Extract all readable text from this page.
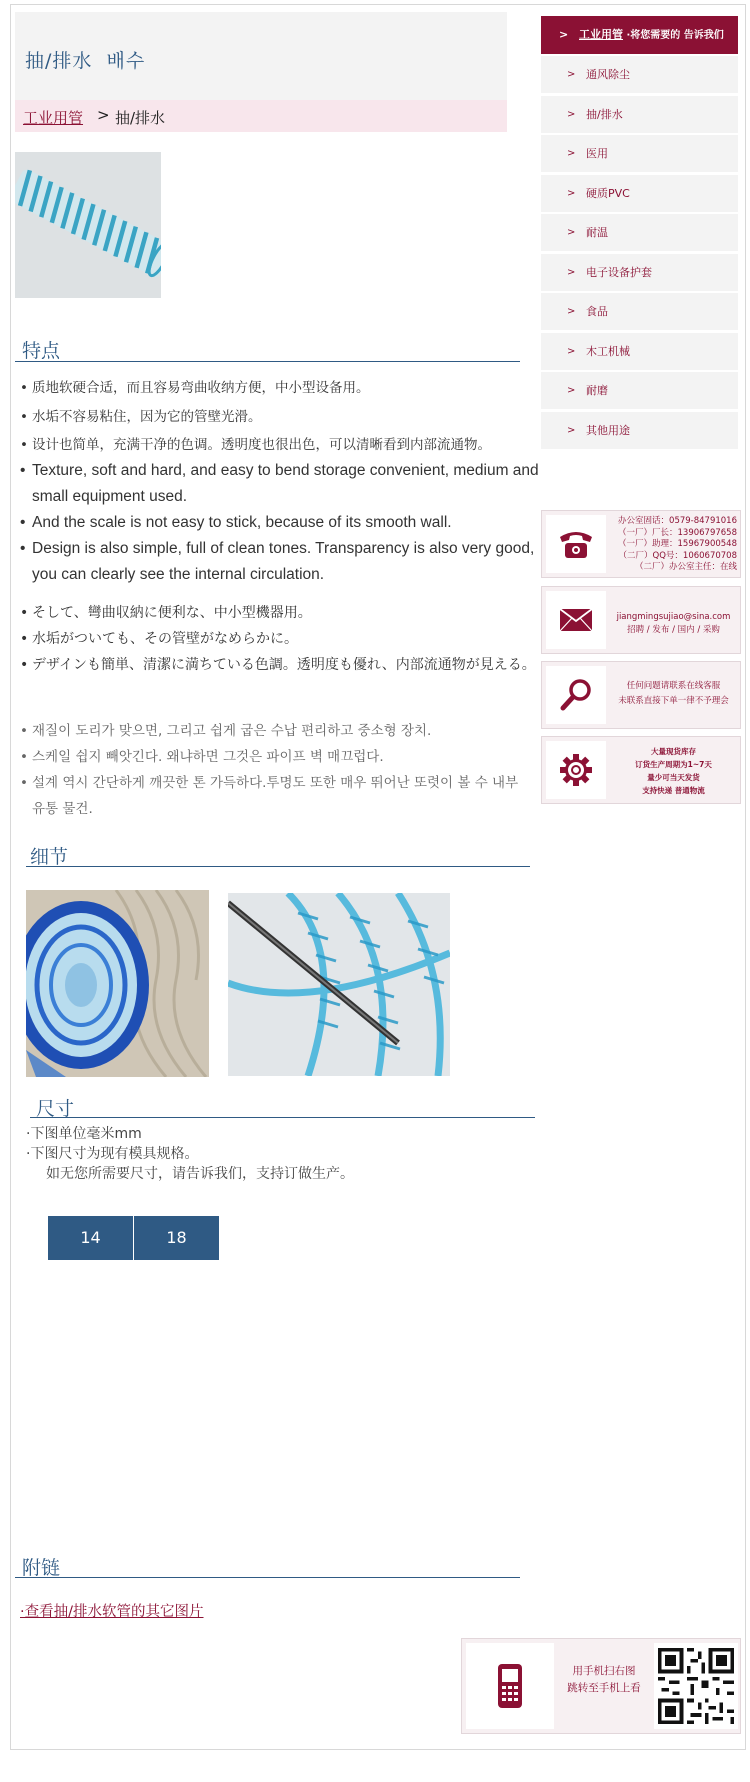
抽/排水 배수
工业用管 > 抽/排水
特点
• 质地软硬合适，而且容易弯曲收纳方便，中小型设备用。
• 水垢不容易粘住，因为它的管壁光滑。
• 设计也简单，充满干净的色调。透明度也很出色，可以清晰看到内部流通物。
• Texture, soft and hard, and easy to bend storage convenient, medium and small equipment used.
• And the scale is not easy to stick, because of its smooth wall.
• Design is also simple, full of clean tones. Transparency is also very good, you can clearly see the internal circulation.
• そして、彎曲収納に便利な、中小型機器用。
• 水垢がついても、その管壁がなめらかに。
• デザインも簡単、清潔に満ちている色調。透明度も優れ、内部流通物が見える。
• 재질이 도리가 맞으면, 그리고 쉽게 굽은 수납 편리하고 중소형 장치.
• 스케일 쉽지 빼앗긴다. 왜냐하면 그것은 파이프 벽 매끄럽다.
• 설계 역시 간단하게 깨끗한 톤 가득하다.투명도 또한 매우 뛰어난 또렷이 볼 수 내부 유통 물건.
细节
尺寸
·下图单位毫米mm
·下图尺寸为现有模具规格。
如无您所需要尺寸，请告诉我们，支持订做生产。
14	18
附链
·查看抽/排水软管的其它图片
> 工业用管 ·将您需要的 告诉我们
> 通风除尘
> 抽/排水
> 医用
> 硬质PVC
> 耐温
> 电子设备护套
> 食品
> 木工机械
> 耐磨
> 其他用途
办公室固话：0579-84791016
（一厂）厂长：13906797658
（一厂）助理：15967900548
（二厂）QQ号：1060670708
（二厂）办公室主任：在线
jiangmingsujiao@sina.com
招聘 / 发布 / 国内 / 采购
任何问题请联系在线客服
未联系直接下单一律不予理会
大量现货库存
订货生产周期为1~7天
量少可当天发货
支持快递 普通物流
用手机扫右图
跳转至手机上看
